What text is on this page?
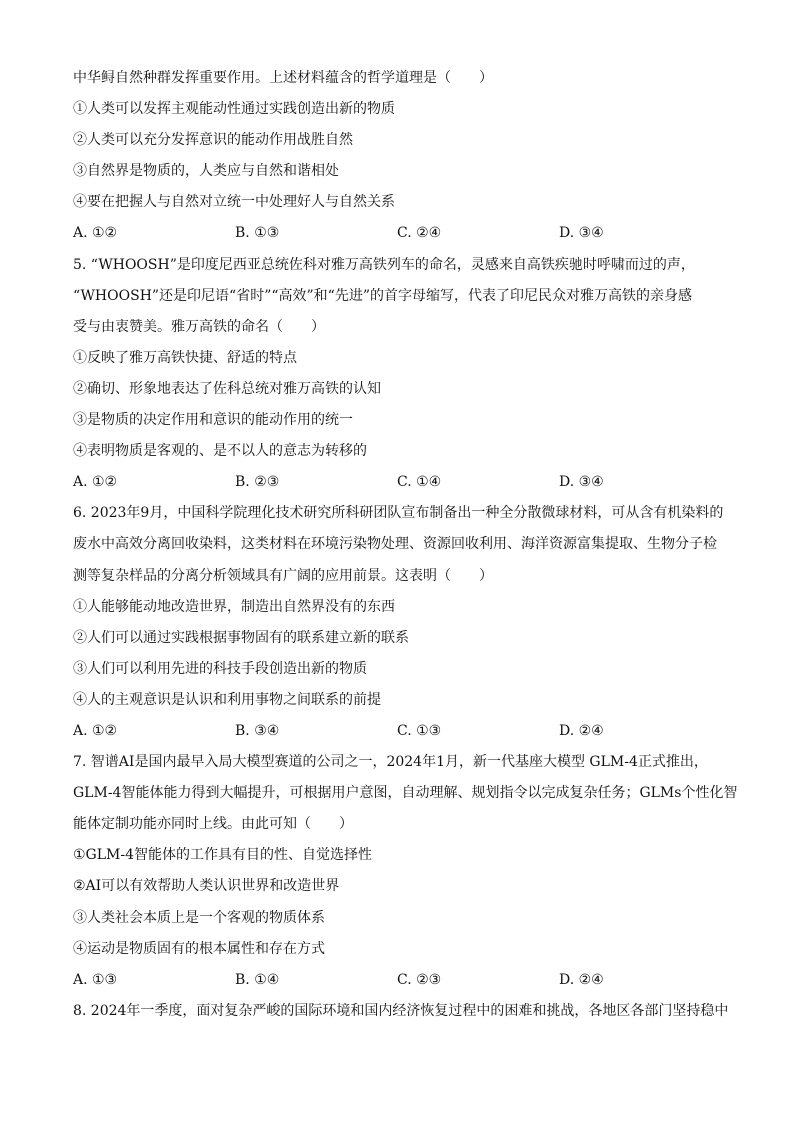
中华鲟自然种群发挥重要作用。上述材料蕴含的哲学道理是（　　）
①人类可以发挥主观能动性通过实践创造出新的物质
②人类可以充分发挥意识的能动作用战胜自然
③自然界是物质的，人类应与自然和谐相处
④要在把握人与自然对立统一中处理好人与自然关系
A. ①②	B. ①③	C. ②④	D. ③④
5. “WHOOSH”是印度尼西亚总统佐科对雅万高铁列车的命名，灵感来自高铁疾驰时呼啸而过的声，
“WHOOSH”还是印尼语“省时”“高效”和“先进”的首字母缩写，代表了印尼民众对雅万高铁的亲身感
受与由衷赞美。雅万高铁的命名（　　）
①反映了雅万高铁快捷、舒适的特点
②确切、形象地表达了佐科总统对雅万高铁的认知
③是物质的决定作用和意识的能动作用的统一
④表明物质是客观的、是不以人的意志为转移的
A. ①②	B. ②③	C. ①④	D. ③④
6. 2023年9月，中国科学院理化技术研究所科研团队宣布制备出一种全分散微球材料，可从含有机染料的
废水中高效分离回收染料，这类材料在环境污染物处理、资源回收利用、海洋资源富集提取、生物分子检
测等复杂样品的分离分析领域具有广阔的应用前景。这表明（　　）
①人能够能动地改造世界，制造出自然界没有的东西
②人们可以通过实践根据事物固有的联系建立新的联系
③人们可以利用先进的科技手段创造出新的物质
④人的主观意识是认识和利用事物之间联系的前提
A. ①②	B. ③④	C. ①③	D. ②④
7. 智谱AI是国内最早入局大模型赛道的公司之一，2024年1月，新一代基座大模型 GLM-4正式推出，
GLM-4智能体能力得到大幅提升，可根据用户意图，自动理解、规划指令以完成复杂任务；GLMs个性化智
能体定制功能亦同时上线。由此可知（　　）
①GLM-4智能体的工作具有目的性、自觉选择性
②AI可以有效帮助人类认识世界和改造世界
③人类社会本质上是一个客观的物质体系
④运动是物质固有的根本属性和存在方式
A. ①③	B. ①④	C. ②③	D. ②④
8. 2024年一季度，面对复杂严峻的国际环境和国内经济恢复过程中的困难和挑战，各地区各部门坚持稳中
